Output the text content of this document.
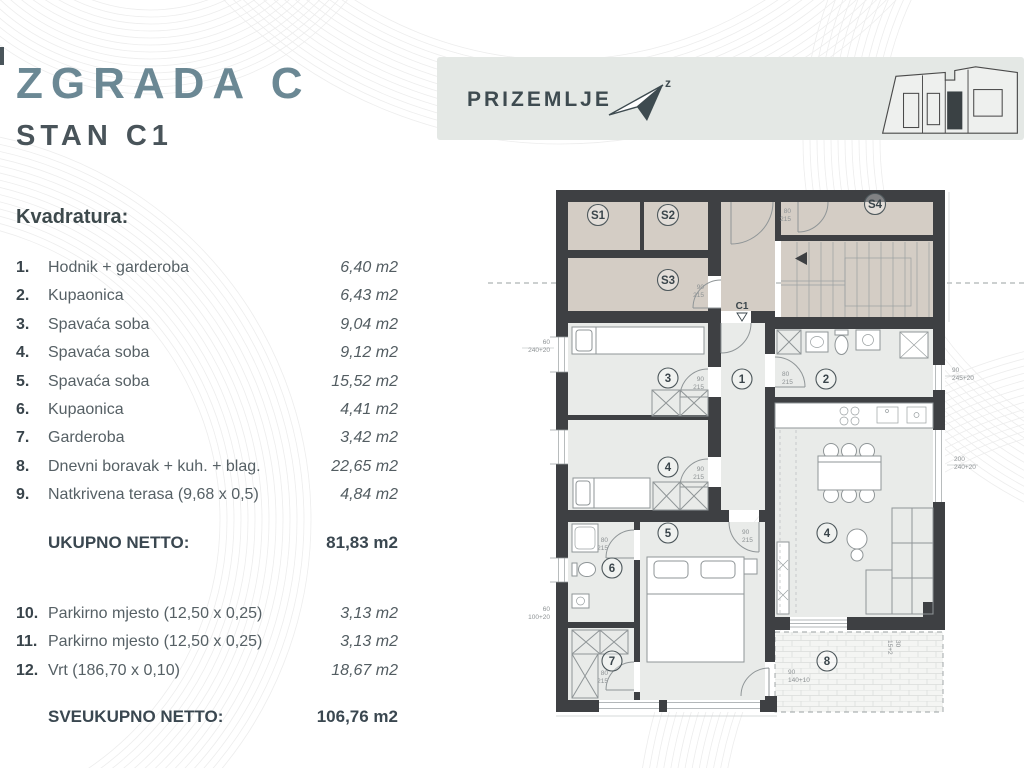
ZGRADA C
STAN C1
Kvadratura:
1.	Hodnik + garderoba	6,40 m2
2.	Kupaonica	6,43 m2
3.	Spavaća soba	9,04 m2
4.	Spavaća soba	9,12 m2
5.	Spavaća soba	15,52 m2
6.	Kupaonica	4,41 m2
7.	Garderoba	3,42 m2
8.	Dnevni boravak + kuh. + blag.	22,65 m2
9.	Natkrivena terasa (9,68 x 0,5)	4,84 m2
UKUPNO NETTO:	81,83 m2
10. Parkirno mjesto (12,50 x 0,25)	3,13 m2
11. Parkirno mjesto (12,50 x 0,25)	3,13 m2
12. Vrt (186,70 x 0,10)	18,67 m2
SVEUKUPNO NETTO:	106,76 m2
PRIZEMLJE
z
S1	S2
S3
S4
C1
3	1	2
4
5
6
7
4
8
60 240+20
60 100+20
90 245+20
200 240+20
80 215
90 215
90 215
90 215
80 215
90 215
80 215
80 215
90 140+10
3015+2
